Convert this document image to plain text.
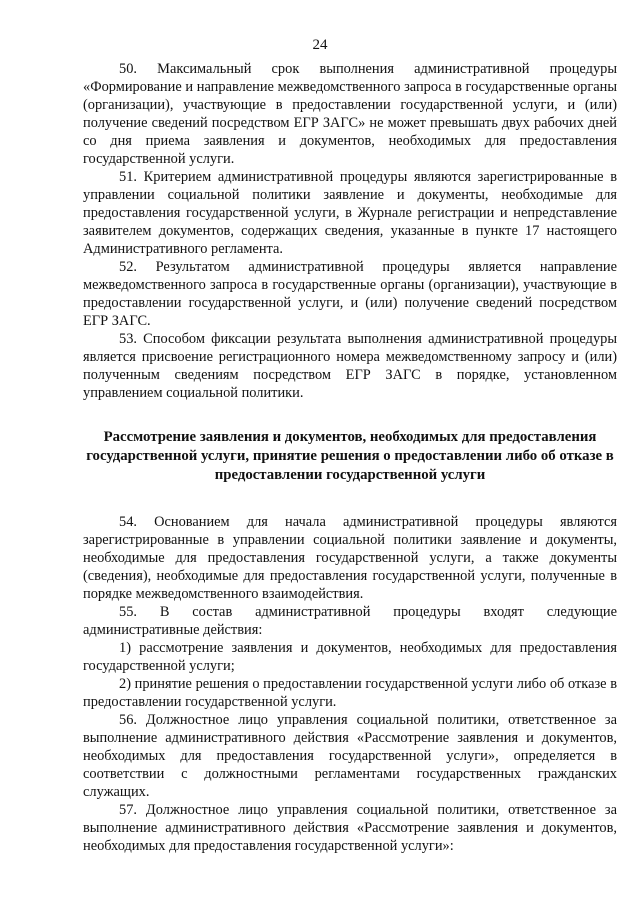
24

50. Максимальный срок выполнения административной процедуры «Формирование и направление межведомственного запроса в государственные органы (организации), участвующие в предоставлении государственной услуги, и (или) получение сведений посредством ЕГР ЗАГС» не может превышать двух рабочих дней со дня приема заявления и документов, необходимых для предоставления государственной услуги.

51. Критерием административной процедуры являются зарегистрированные в управлении социальной политики заявление и документы, необходимые для предоставления государственной услуги, в Журнале регистрации и непредставление заявителем документов, содержащих сведения, указанные в пункте 17 настоящего Административного регламента.

52. Результатом административной процедуры является направление межведомственного запроса в государственные органы (организации), участвующие в предоставлении государственной услуги, и (или) получение сведений посредством ЕГР ЗАГС.

53. Способом фиксации результата выполнения административной процедуры является присвоение регистрационного номера межведомственному запросу и (или) полученным сведениям посредством ЕГР ЗАГС в порядке, установленном управлением социальной политики.

Рассмотрение заявления и документов, необходимых для предоставления государственной услуги, принятие решения о предоставлении либо об отказе в предоставлении государственной услуги

54. Основанием для начала административной процедуры являются зарегистрированные в управлении социальной политики заявление и документы, необходимые для предоставления государственной услуги, а также документы (сведения), необходимые для предоставления государственной услуги, полученные в порядке межведомственного взаимодействия.

55. В состав административной процедуры входят следующие административные действия:

1) рассмотрение заявления и документов, необходимых для предоставления государственной услуги;

2) принятие решения о предоставлении государственной услуги либо об отказе в предоставлении государственной услуги.

56. Должностное лицо управления социальной политики, ответственное за выполнение административного действия «Рассмотрение заявления и документов, необходимых для предоставления государственной услуги», определяется в соответствии с должностными регламентами государственных гражданских служащих.

57. Должностное лицо управления социальной политики, ответственное за выполнение административного действия «Рассмотрение заявления и документов, необходимых для предоставления государственной услуги»:
